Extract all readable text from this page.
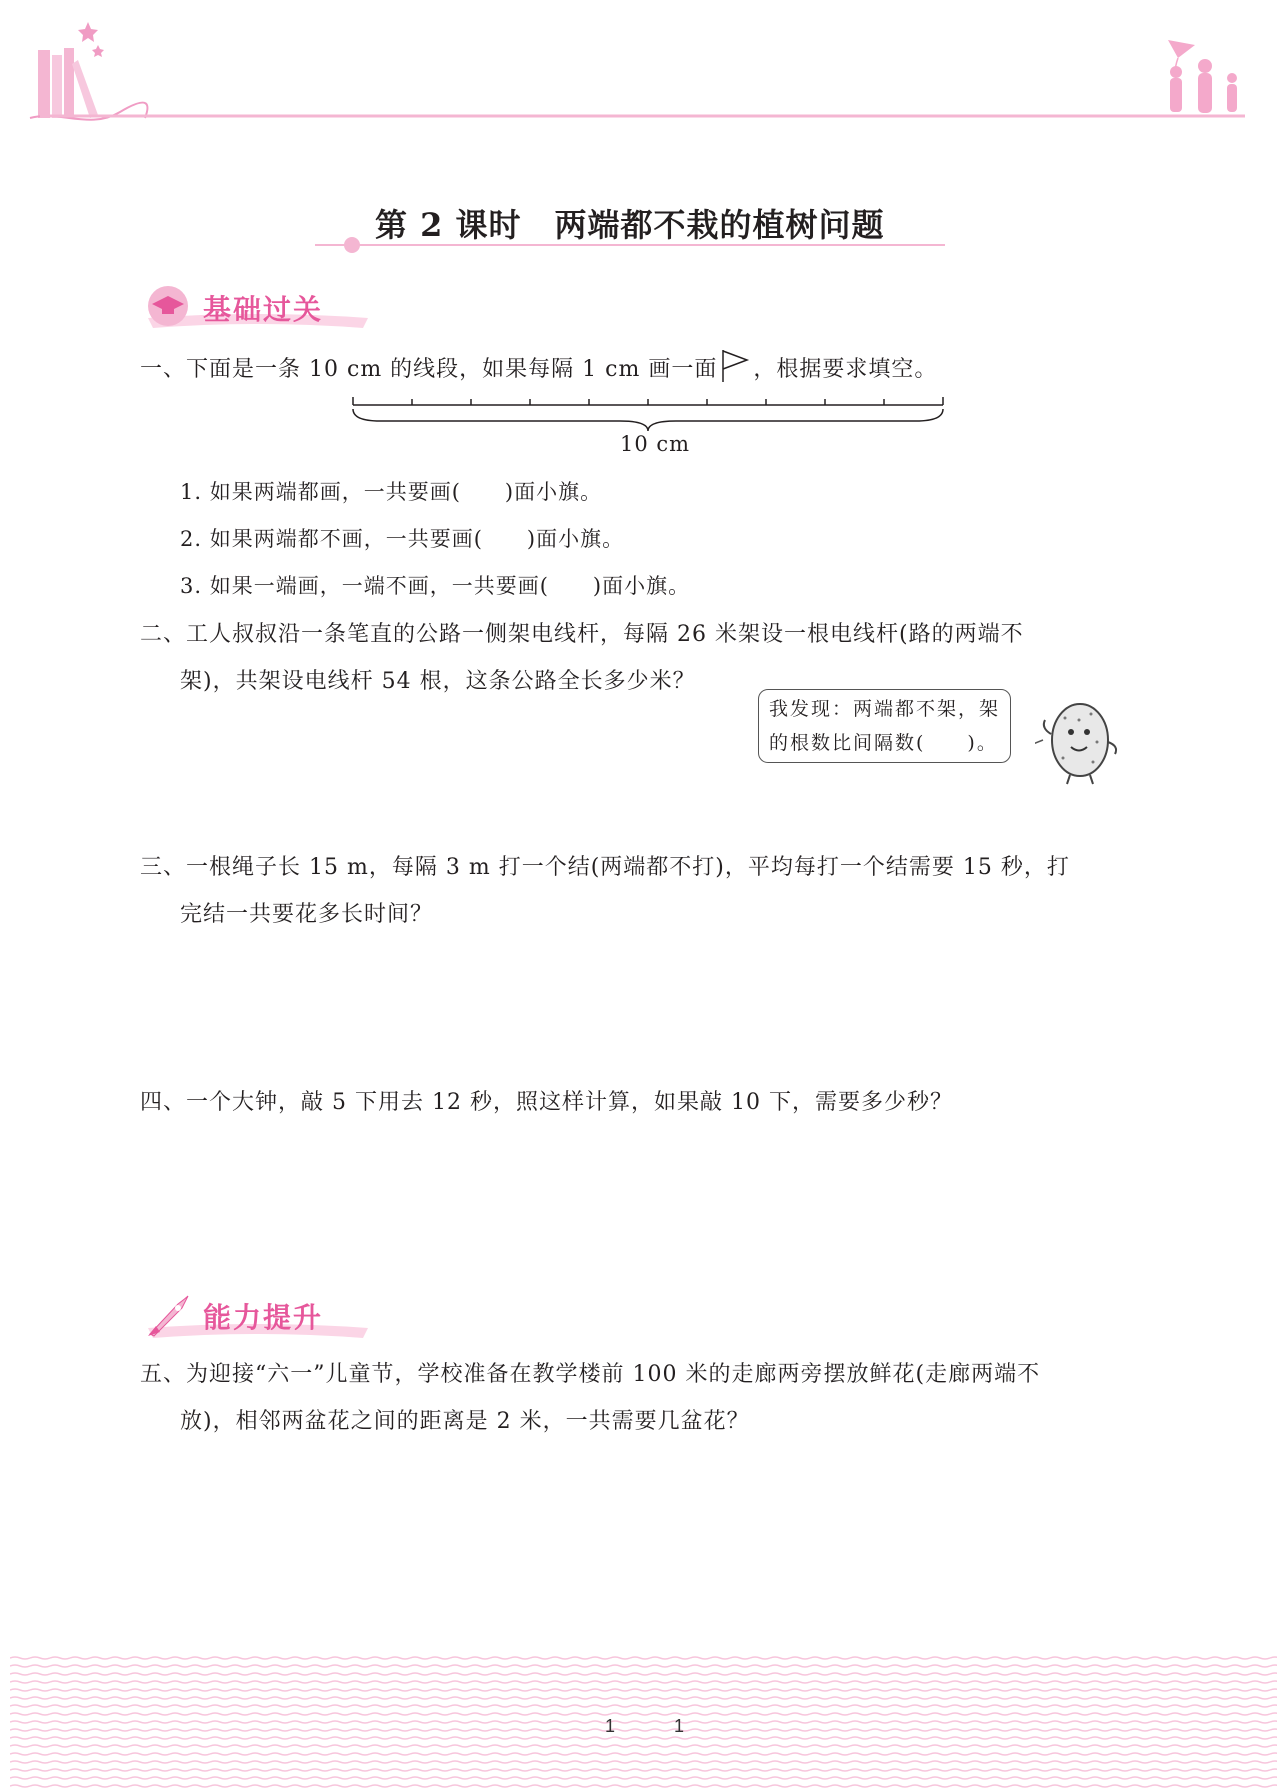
第 2 课时　两端都不栽的植树问题
基础过关
一、下面是一条 10 cm 的线段，如果每隔 1 cm 画一面 ，根据要求填空。
10 cm
1. 如果两端都画，一共要画(　　)面小旗。
2. 如果两端都不画，一共要画(　　)面小旗。
3. 如果一端画，一端不画，一共要画(　　)面小旗。
二、工人叔叔沿一条笔直的公路一侧架电线杆，每隔 26 米架设一根电线杆(路的两端不
架)，共架设电线杆 54 根，这条公路全长多少米？
我发现：两端都不架，架
的根数比间隔数(　　)。
三、一根绳子长 15 m，每隔 3 m 打一个结(两端都不打)，平均每打一个结需要 15 秒，打
完结一共要花多长时间？
四、一个大钟，敲 5 下用去 12 秒，照这样计算，如果敲 10 下，需要多少秒？
能力提升
五、为迎接“六一”儿童节，学校准备在教学楼前 100 米的走廊两旁摆放鲜花(走廊两端不
放)，相邻两盆花之间的距离是 2 米，一共需要几盆花？
1	1
